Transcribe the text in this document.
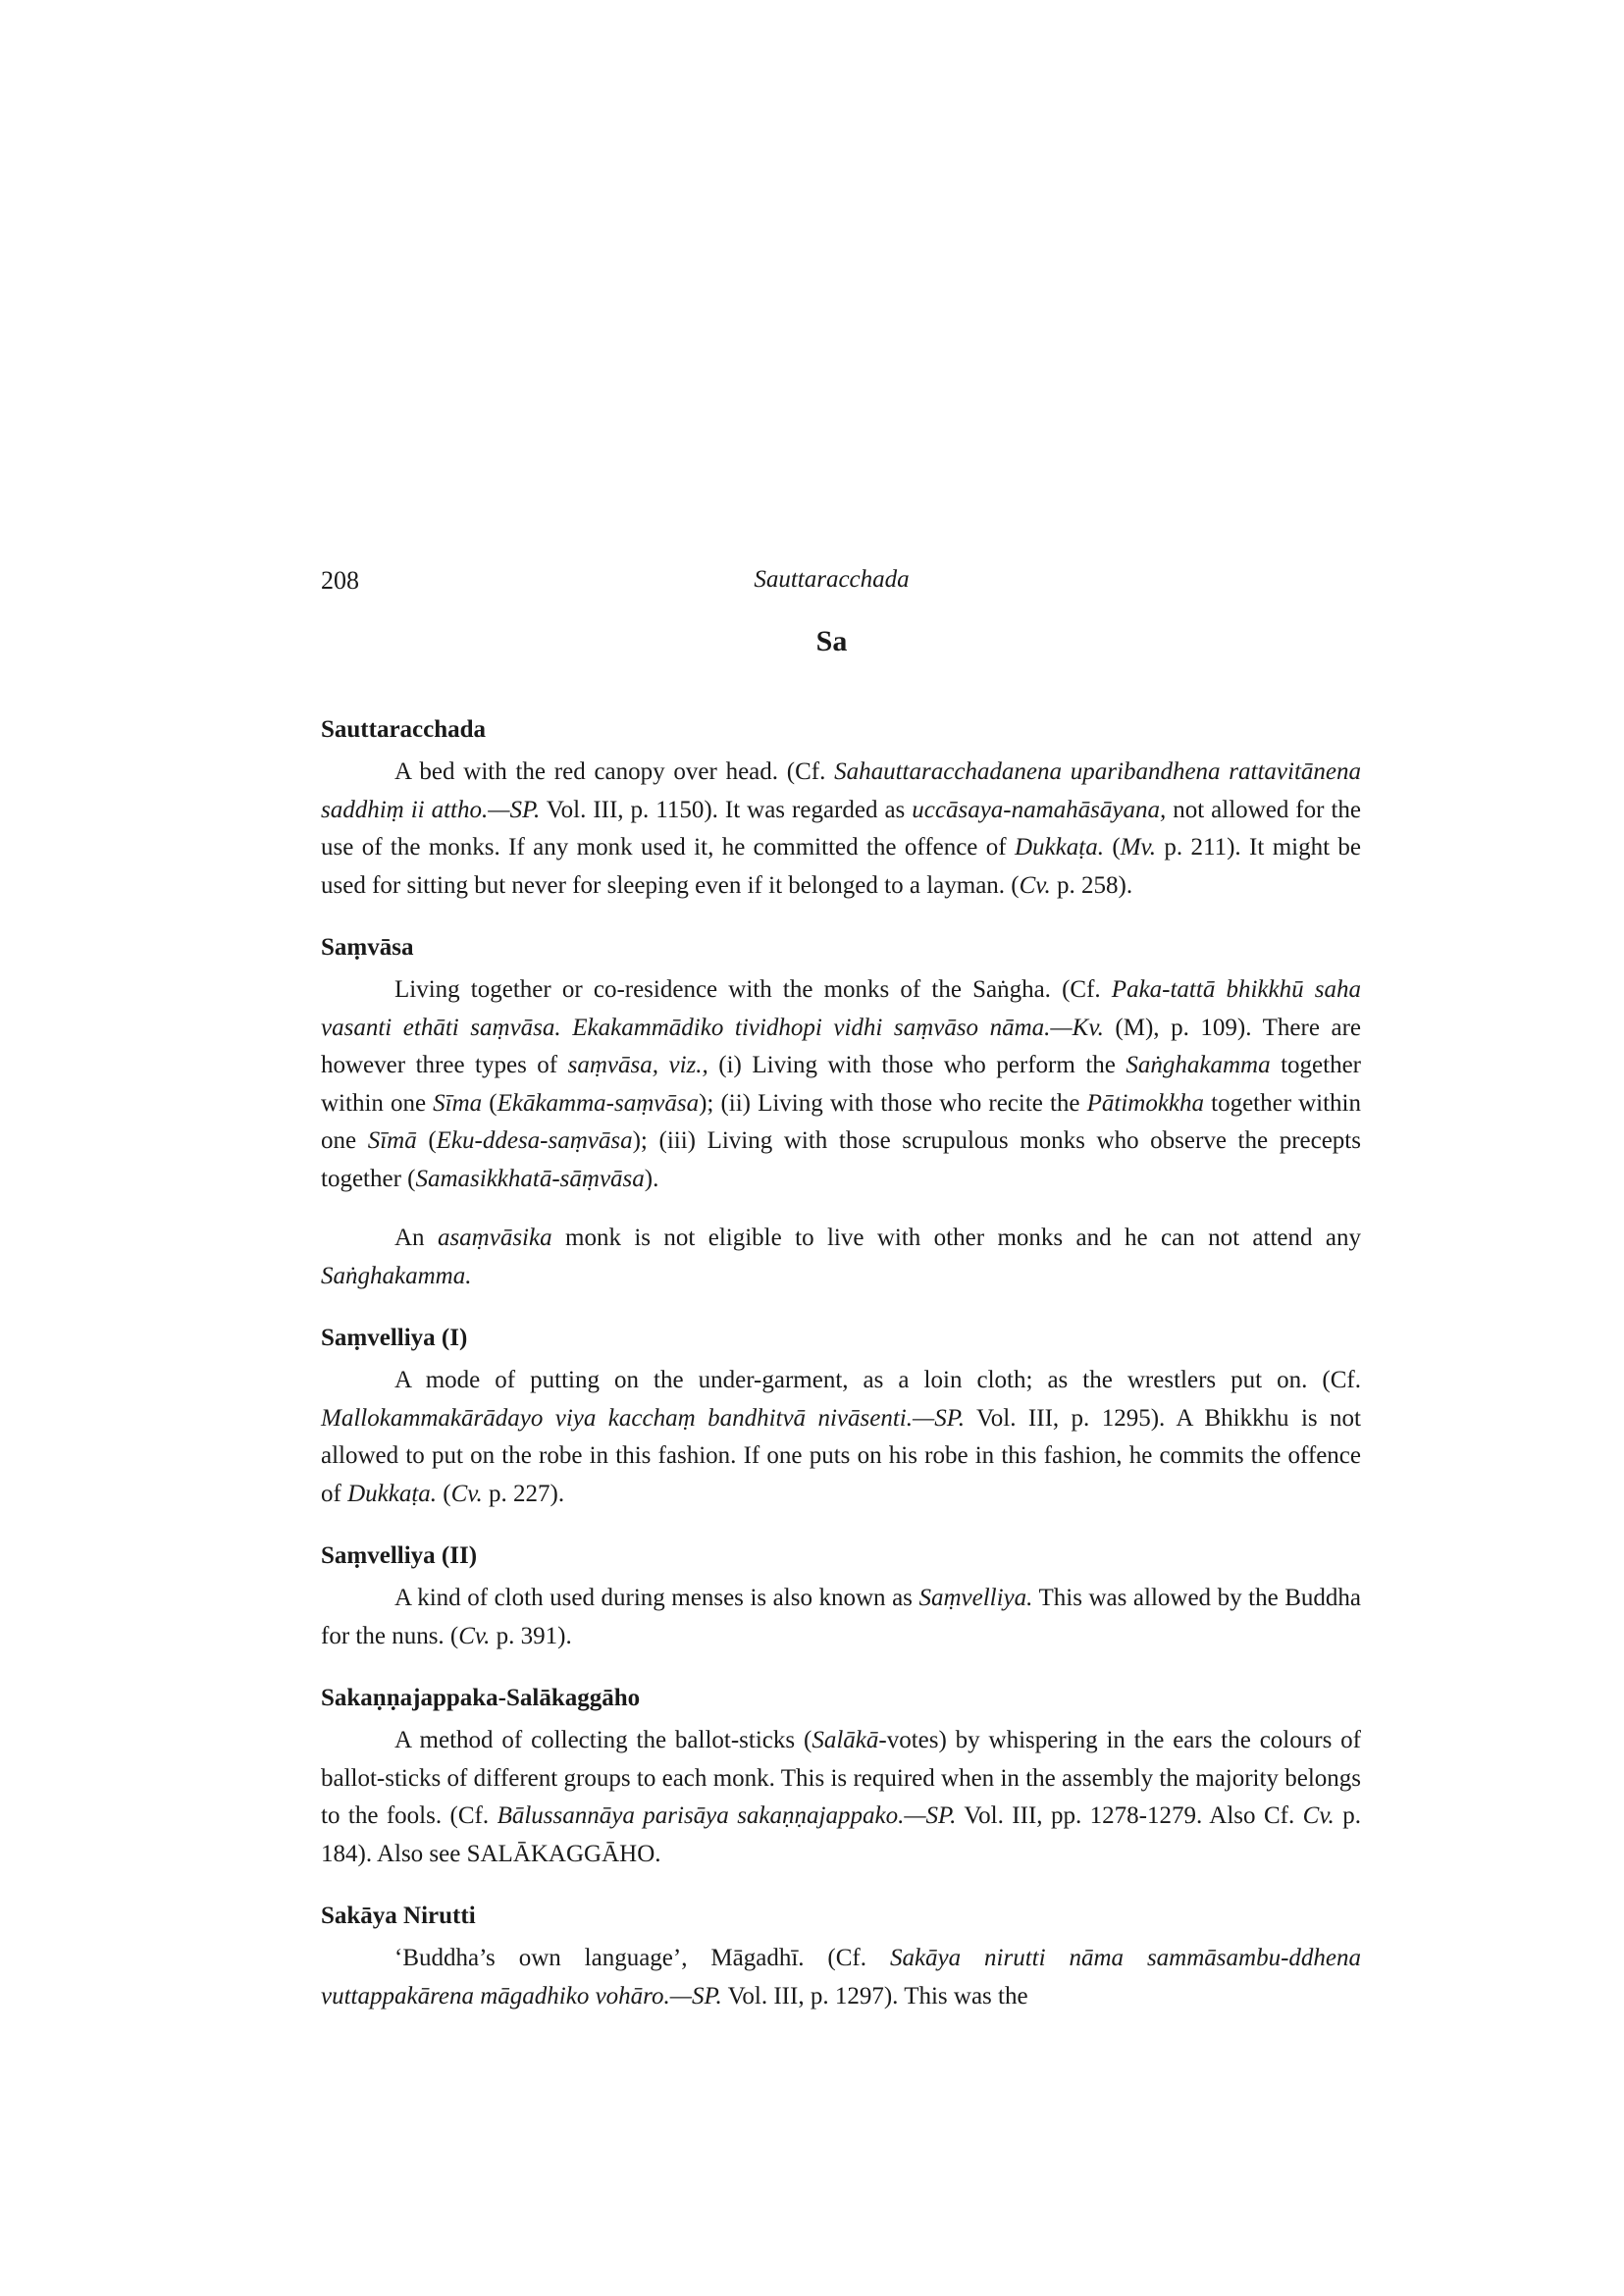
208	Sauttaracchada
Sa
Sauttaracchada

A bed with the red canopy over head. (Cf. Sahauttaracchadanena uparibandhena rattavitānena saddhiṃ ii attho.—SP. Vol. III, p. 1150). It was regarded as uccāsaya-namahāsāyana, not allowed for the use of the monks. If any monk used it, he committed the offence of Dukkaṭa. (Mv. p. 211). It might be used for sitting but never for sleeping even if it belonged to a layman. (Cv. p. 258).

Saṃvāsa

Living together or co-residence with the monks of the Saṅgha. (Cf. Paka-tattā bhikkhū saha vasanti ethāti saṃvāsa. Ekakammādiko tividhopi vidhi saṃvāso nāma.—Kv. (M), p. 109). There are however three types of saṃvāsa, viz., (i) Living with those who perform the Saṅghakamma together within one Sīma (Ekākamma-saṃvāsa); (ii) Living with those who recite the Pātimokkha together within one Sīmā (Eku-ddesa-saṃvāsa); (iii) Living with those scrupulous monks who observe the precepts together (Samasikkhatā-sāṃvāsa).

An asaṃvāsika monk is not eligible to live with other monks and he can not attend any Saṅghakamma.

Saṃvelliya (I)

A mode of putting on the under-garment, as a loin cloth; as the wrestlers put on. (Cf. Mallokammakārādayo viya kacchaṃ bandhitvā nivāsenti.—SP. Vol. III, p. 1295). A Bhikkhu is not allowed to put on the robe in this fashion. If one puts on his robe in this fashion, he commits the offence of Dukkaṭa. (Cv. p. 227).

Saṃvelliya (II)

A kind of cloth used during menses is also known as Saṃvelliya. This was allowed by the Buddha for the nuns. (Cv. p. 391).

Sakaṇṇajappaka-Salākaggāho

A method of collecting the ballot-sticks (Salākā-votes) by whispering in the ears the colours of ballot-sticks of different groups to each monk. This is required when in the assembly the majority belongs to the fools. (Cf. Bālussannāya parisāya sakaṇṇajappako.—SP. Vol. III, pp. 1278-1279. Also Cf. Cv. p. 184). Also see SALĀKAGGĀHO.

Sakāya Nirutti

‘Buddha’s own language’, Māgadhī. (Cf. Sakāya nirutti nāma sammāsambu-ddhena vuttappakārena māgadhiko vohāro.—SP. Vol. III, p. 1297). This was the
